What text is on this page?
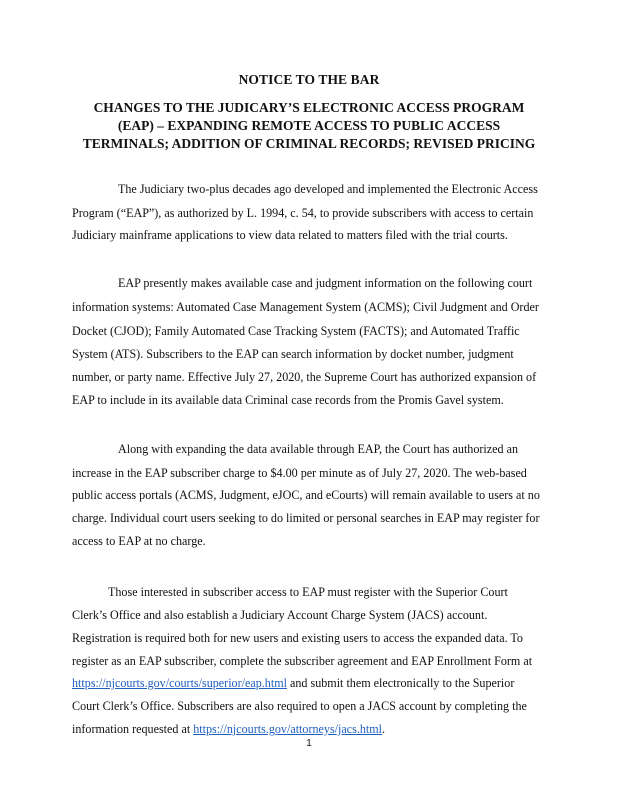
NOTICE TO THE BAR
CHANGES TO THE JUDICARY’S ELECTRONIC ACCESS PROGRAM
(EAP) – EXPANDING REMOTE ACCESS TO PUBLIC ACCESS
TERMINALS; ADDITION OF CRIMINAL RECORDS; REVISED PRICING
The Judiciary two-plus decades ago developed and implemented the Electronic Access
Program (“EAP”), as authorized by L. 1994, c. 54, to provide subscribers with access to certain
Judiciary mainframe applications to view data related to matters filed with the trial courts.
EAP presently makes available case and judgment information on the following court
information systems: Automated Case Management System (ACMS); Civil Judgment and Order
Docket (CJOD); Family Automated Case Tracking System (FACTS); and Automated Traffic
System (ATS). Subscribers to the EAP can search information by docket number, judgment
number, or party name. Effective July 27, 2020, the Supreme Court has authorized expansion of
EAP to include in its available data Criminal case records from the Promis Gavel system.
Along with expanding the data available through EAP, the Court has authorized an
increase in the EAP subscriber charge to $4.00 per minute as of July 27, 2020. The web-based
public access portals (ACMS, Judgment, eJOC, and eCourts) will remain available to users at no
charge. Individual court users seeking to do limited or personal searches in EAP may register for
access to EAP at no charge.
Those interested in subscriber access to EAP must register with the Superior Court
Clerk’s Office and also establish a Judiciary Account Charge System (JACS) account.
Registration is required both for new users and existing users to access the expanded data. To
register as an EAP subscriber, complete the subscriber agreement and EAP Enrollment Form at
https://njcourts.gov/courts/superior/eap.html and submit them electronically to the Superior
Court Clerk’s Office. Subscribers are also required to open a JACS account by completing the
information requested at https://njcourts.gov/attorneys/jacs.html.
1
